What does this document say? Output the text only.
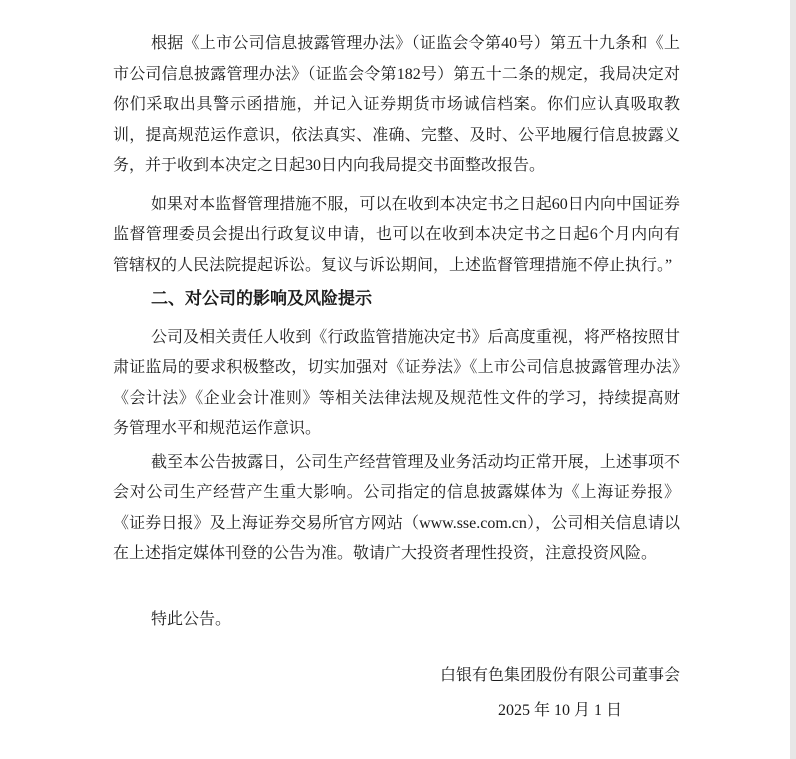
根据《上市公司信息披露管理办法》（证监会令第40号）第五十九条和《上市公司信息披露管理办法》（证监会令第182号）第五十二条的规定，我局决定对你们采取出具警示函措施，并记入证券期货市场诚信档案。你们应认真吸取教训，提高规范运作意识，依法真实、准确、完整、及时、公平地履行信息披露义务，并于收到本决定之日起30日内向我局提交书面整改报告。

如果对本监督管理措施不服，可以在收到本决定书之日起60日内向中国证券监督管理委员会提出行政复议申请，也可以在收到本决定书之日起6个月内向有管辖权的人民法院提起诉讼。复议与诉讼期间，上述监督管理措施不停止执行。”

二、对公司的影响及风险提示

公司及相关责任人收到《行政监管措施决定书》后高度重视，将严格按照甘肃证监局的要求积极整改，切实加强对《证券法》《上市公司信息披露管理办法》《会计法》《企业会计准则》等相关法律法规及规范性文件的学习，持续提高财务管理水平和规范运作意识。

截至本公告披露日，公司生产经营管理及业务活动均正常开展，上述事项不会对公司生产经营产生重大影响。公司指定的信息披露媒体为《上海证券报》《证券日报》及上海证券交易所官方网站（www.sse.com.cn），公司相关信息请以在上述指定媒体刊登的公告为准。敬请广大投资者理性投资，注意投资风险。

特此公告。

白银有色集团股份有限公司董事会
2025 年 10 月 1 日
